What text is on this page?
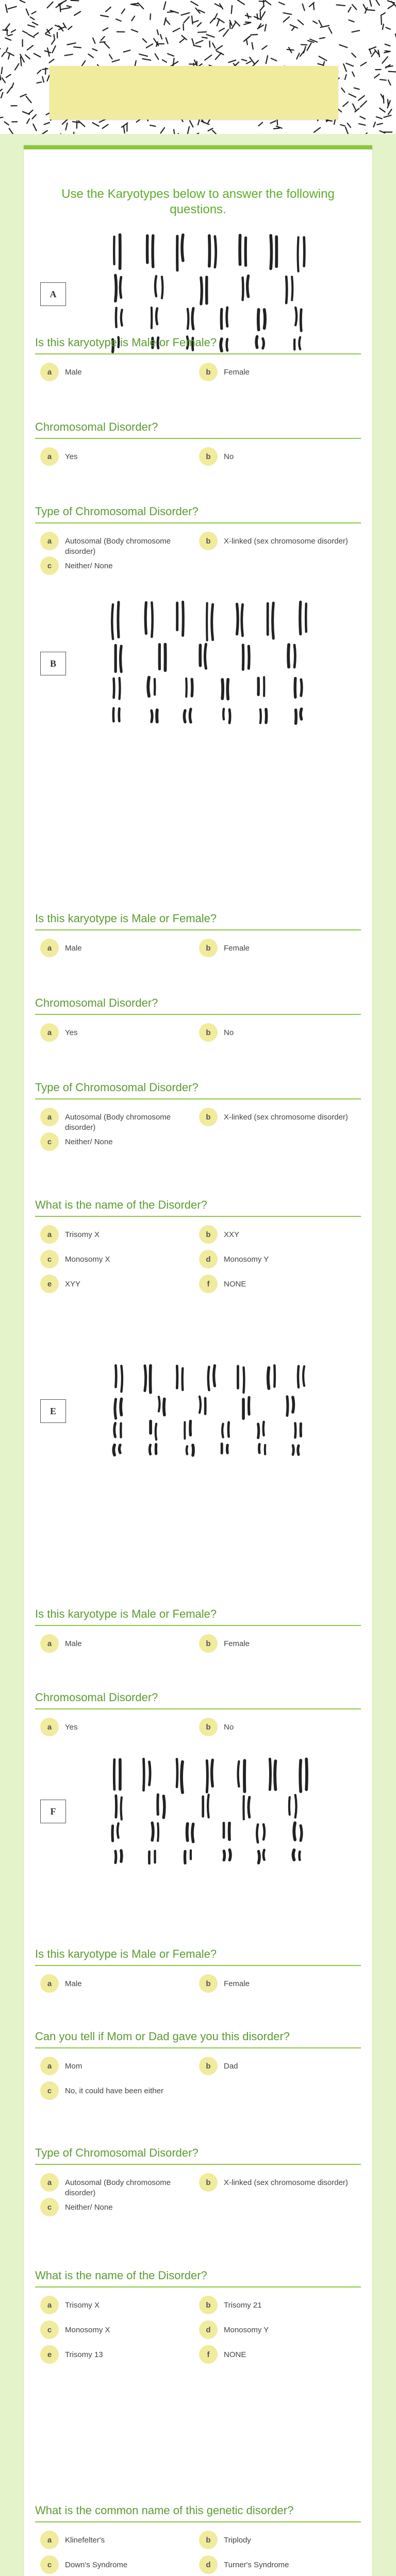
Use the Karyotypes below to answer the following questions.
A
Is this karyotype is Male or Female?
a	Male	b	Female
Chromosomal Disorder?
a	Yes	b	No
Type of Chromosomal Disorder?
a	Autosomal (Body chromosome disorder)
b	X-linked (sex chromosome disorder)
c	Neither/ None
B
Is this karyotype is Male or Female?
a	Male	b	Female
Chromosomal Disorder?
a	Yes	b	No
Type of Chromosomal Disorder?
a	Autosomal (Body chromosome disorder)
b	X-linked (sex chromosome disorder)
c	Neither/ None
What is the name of the Disorder?
a	Trisomy X	b	XXY
c	Monosomy X	d	Monosomy Y
e	XYY	f	NONE
E
Is this karyotype is Male or Female?
a	Male	b	Female
Chromosomal Disorder?
a	Yes	b	No
F
Is this karyotype is Male or Female?
a	Male	b	Female
Can you tell if Mom or Dad gave you this disorder?
a	Mom	b	Dad
c	No, it could have been either
Type of Chromosomal Disorder?
a	Autosomal (Body chromosome disorder)
b	X-linked (sex chromosome disorder)
c	Neither/ None
What is the name of the Disorder?
a	Trisomy X	b	Trisomy 21
c	Monosomy X	d	Monosomy Y
e	Trisomy 13	f	NONE
What is the common name of this genetic disorder?
a	Klinefelter's	b	Triplody
c	Down's Syndrome	d	Turner's Syndrome
